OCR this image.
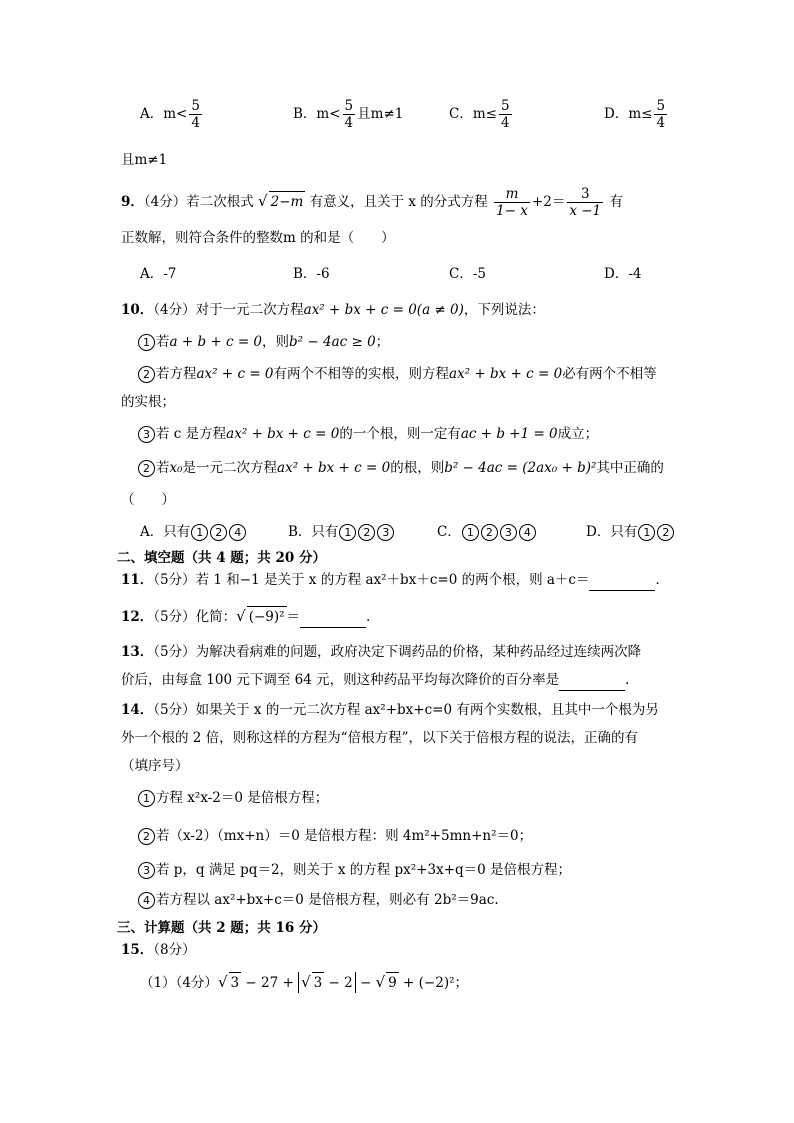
A．$m< \frac{5}{4}$	B．$m< \frac{5}{4}$ 且m≠1	C．$m\le \frac{5}{4}$	D．$m\le \frac{5}{4}$
且m≠1
9．（4分）若二次根式 √ 2−m 有意义，且关于 x 的分式方程 $\frac{m}{1- x} +2= \frac{3}{x -1}$ 有
正数解，则符合条件的整数m 的和是（　　）
A．-7	B．-6	C．-5	D．-4
10．（4分）对于一元二次方程ax² + bx + c = 0(a ≠ 0)，下列说法：
1 若a + b + c = 0，则b² − 4ac ≥ 0；
2 若方程ax² + c = 0有两个不相等的实根，则方程ax² + bx + c = 0必有两个不相等
的实根；
3 若 c 是方程ax² + bx + c = 0的一个根，则一定有ac + b +1 = 0成立；
2 若x₀是一元二次方程ax² + bx + c = 0的根，则b² − 4ac = (2ax₀ + b)²其中正确的
（　　）
A．只有 1 2 4	B．只有 1 2 3	C． 1 2 3 4	D．只有 1 2
二、填空题（共 4 题；共 20 分）
11．（5分）若 1 和−1 是关于 x 的方程 ax²＋bx＋c=0 的两个根，则 a＋c＝	．
12．（5分）化简：√ (−9)² ＝	．
13．（5分）为解决看病难的问题，政府决定下调药品的价格，某种药品经过连续两次降
价后，由每盒 100 元下调至 64 元，则这种药品平均每次降价的百分率是	．
14．（5分）如果关于 x 的一元二次方程 ax²+bx+c=0 有两个实数根，且其中一个根为另
外一个根的 2 倍，则称这样的方程为“倍根方程”，以下关于倍根方程的说法，正确的有
（填序号）
1 方程 x²x-2＝0 是倍根方程；
2 若（x-2）（mx+n）＝0 是倍根方程：则 4m²+5mn+n²＝0；
3 若 p，q 满足 pq＝2，则关于 x 的方程 px²+3x+q＝0 是倍根方程；
4 若方程以 ax²+bx+c＝0 是倍根方程，则必有 2b²＝9ac.
三、计算题（共 2 题；共 16 分）
15．（8分）
（1）（4分）√ 3 − 27 + √ 3 − 2 − √ 9 + (−2)²；
